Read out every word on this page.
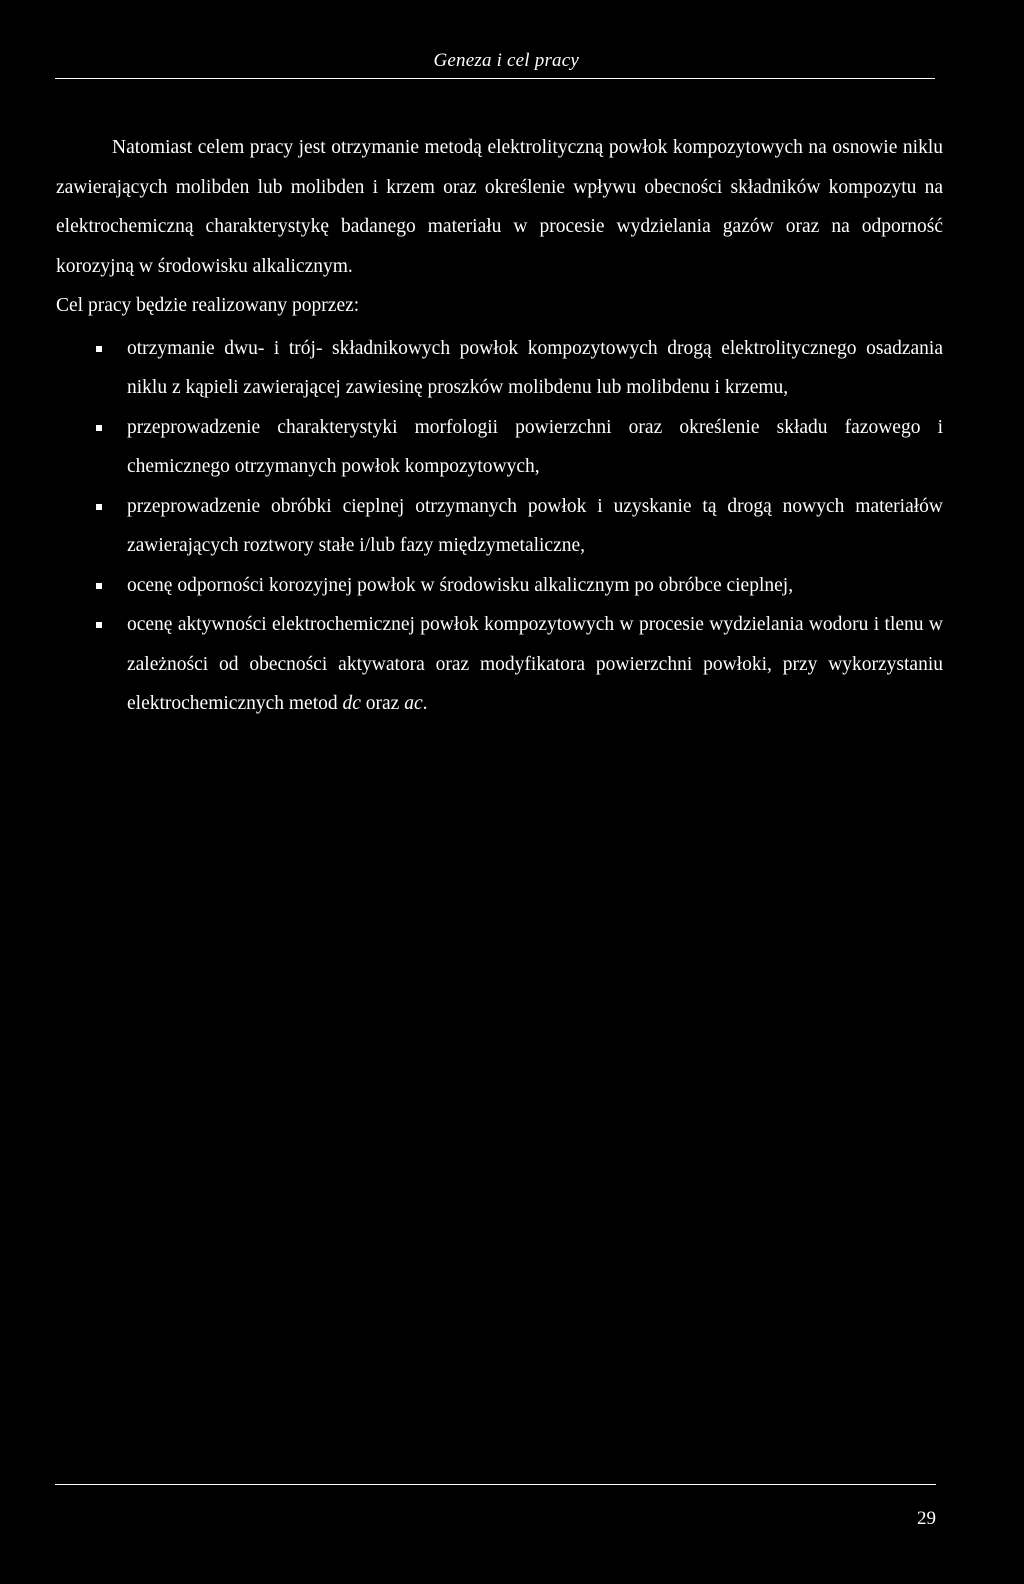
Geneza i cel pracy

Natomiast celem pracy jest otrzymanie metodą elektrolityczną powłok kompozytowych na osnowie niklu zawierających molibden lub molibden i krzem oraz określenie wpływu obecności składników kompozytu na elektrochemiczną charakterystykę badanego materiału w procesie wydzielania gazów oraz na odporność korozyjną w środowisku alkalicznym.

Cel pracy będzie realizowany poprzez:

otrzymanie dwu- i trój- składnikowych powłok kompozytowych drogą elektrolitycznego osadzania niklu z kąpieli zawierającej zawiesinę proszków molibdenu lub molibdenu i krzemu,
przeprowadzenie charakterystyki morfologii powierzchni oraz określenie składu fazowego i chemicznego otrzymanych powłok kompozytowych,
przeprowadzenie obróbki cieplnej otrzymanych powłok i uzyskanie tą drogą nowych materiałów zawierających roztwory stałe i/lub fazy międzymetaliczne,
ocenę odporności korozyjnej powłok w środowisku alkalicznym po obróbce cieplnej,
ocenę aktywności elektrochemicznej powłok kompozytowych w procesie wydzielania wodoru i tlenu w zależności od obecności aktywatora oraz modyfikatora powierzchni powłoki, przy wykorzystaniu elektrochemicznych metod dc oraz ac.
29
